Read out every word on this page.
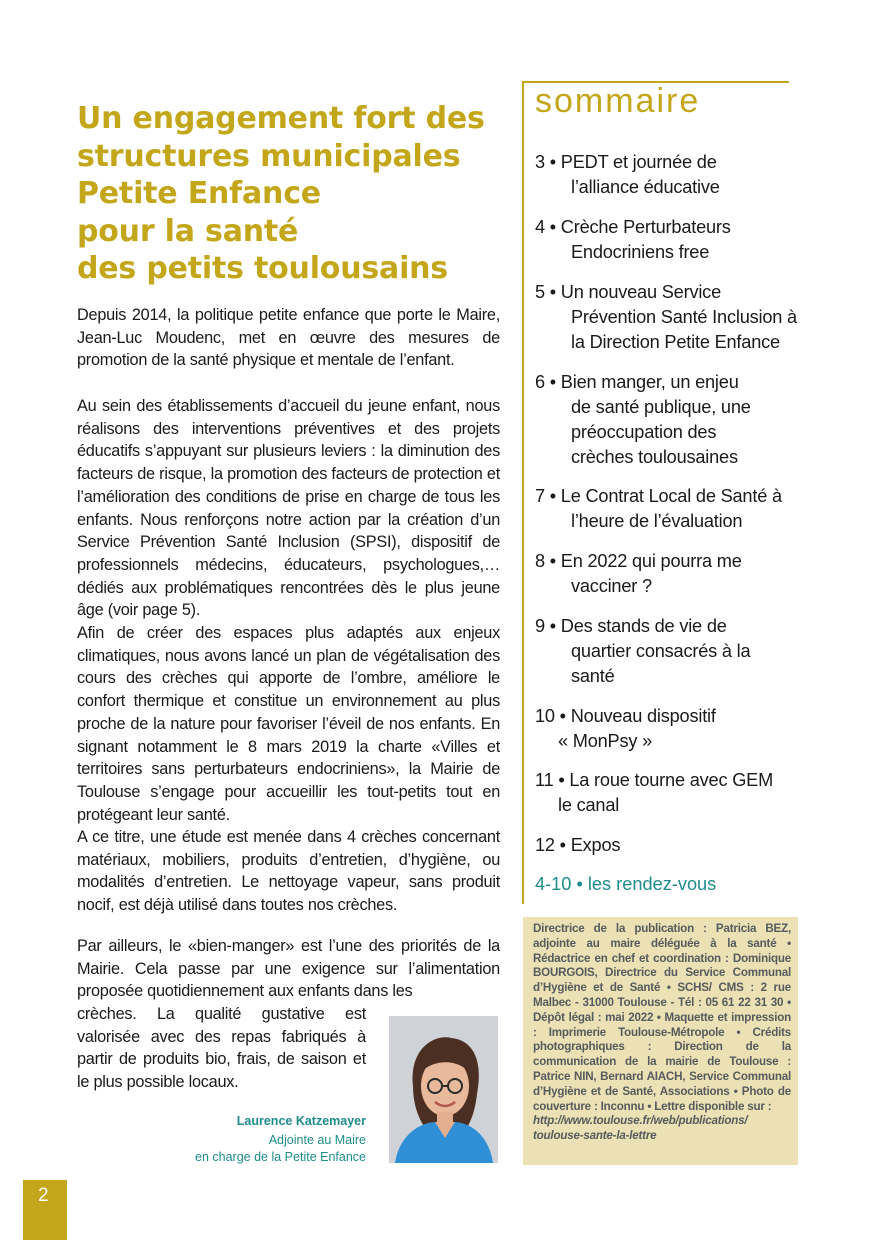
Un engagement fort des
structures municipales
Petite Enfance
pour la santé
des petits toulousains

Depuis 2014, la politique petite enfance que porte le Maire, Jean-Luc Moudenc, met en œuvre des mesures de promotion de la santé physique et mentale de l’enfant.

Au sein des établissements d’accueil du jeune enfant, nous réalisons des interventions préventives et des projets éducatifs s’appuyant sur plusieurs leviers : la diminution des facteurs de risque, la promotion des facteurs de protection et l’amélioration des conditions de prise en charge de tous les enfants. Nous renforçons notre action par la création d’un Service Prévention Santé Inclusion (SPSI), dispositif de professionnels médecins, éducateurs, psychologues,… dédiés aux problématiques rencontrées dès le plus jeune âge (voir page 5).

Afin de créer des espaces plus adaptés aux enjeux climatiques, nous avons lancé un plan de végétalisation des cours des crèches qui apporte de l’ombre, améliore le confort thermique et constitue un environnement au plus proche de la nature pour favoriser l’éveil de nos enfants. En signant notamment le 8 mars 2019 la charte «Villes et territoires sans perturbateurs endocriniens», la Mairie de Toulouse s’engage pour accueillir les tout-petits tout en protégeant leur santé.

A ce titre, une étude est menée dans 4 crèches concernant matériaux, mobiliers, produits d’entretien, d’hygiène, ou modalités d’entretien. Le nettoyage vapeur, sans produit nocif, est déjà utilisé dans toutes nos crèches.

Par ailleurs, le «bien-manger» est l’une des priorités de la Mairie. Cela passe par une exigence sur l’alimentation proposée quotidiennement aux enfants dans les

crèches. La qualité gustative est valorisée avec des repas fabriqués à partir de produits bio, frais, de saison et le plus possible locaux.

Laurence Katzemayer

Adjointe au Maire
en charge de la Petite Enfance

sommaire
3 • PEDT et journée de
l’alliance éducative
4 • Crèche Perturbateurs
Endocriniens free
5 • Un nouveau Service
Prévention Santé Inclusion à
la Direction Petite Enfance
6 • Bien manger, un enjeu
de santé publique, une
préoccupation des
crèches toulousaines
7 • Le Contrat Local de Santé à
l’heure de l’évaluation
8 • En 2022 qui pourra me
vacciner ?
9 • Des stands de vie de
quartier consacrés à la
santé
10 • Nouveau dispositif
« MonPsy »
11 • La roue tourne avec GEM
le canal
12 • Expos
4-10 • les rendez-vous

Directrice de la publication : Patricia BEZ, adjointe au maire déléguée à la santé • Rédactrice en chef et coordination : Dominique BOURGOIS, Directrice du Service Communal d’Hygiène et de Santé • SCHS/ CMS : 2 rue Malbec - 31000 Toulouse - Tél : 05 61 22 31 30 • Dépôt légal : mai 2022 • Maquette et impression : Imprimerie Toulouse-Métropole • Crédits photographiques : Direction de la communication de la mairie de Toulouse : Patrice NIN, Bernard AIACH, Service Communal d’Hygiène et de Santé, Associations • Photo de couverture : Inconnu • Lettre disponible sur :
http://www.toulouse.fr/web/publications/ toulouse-sante-la-lettre

2
